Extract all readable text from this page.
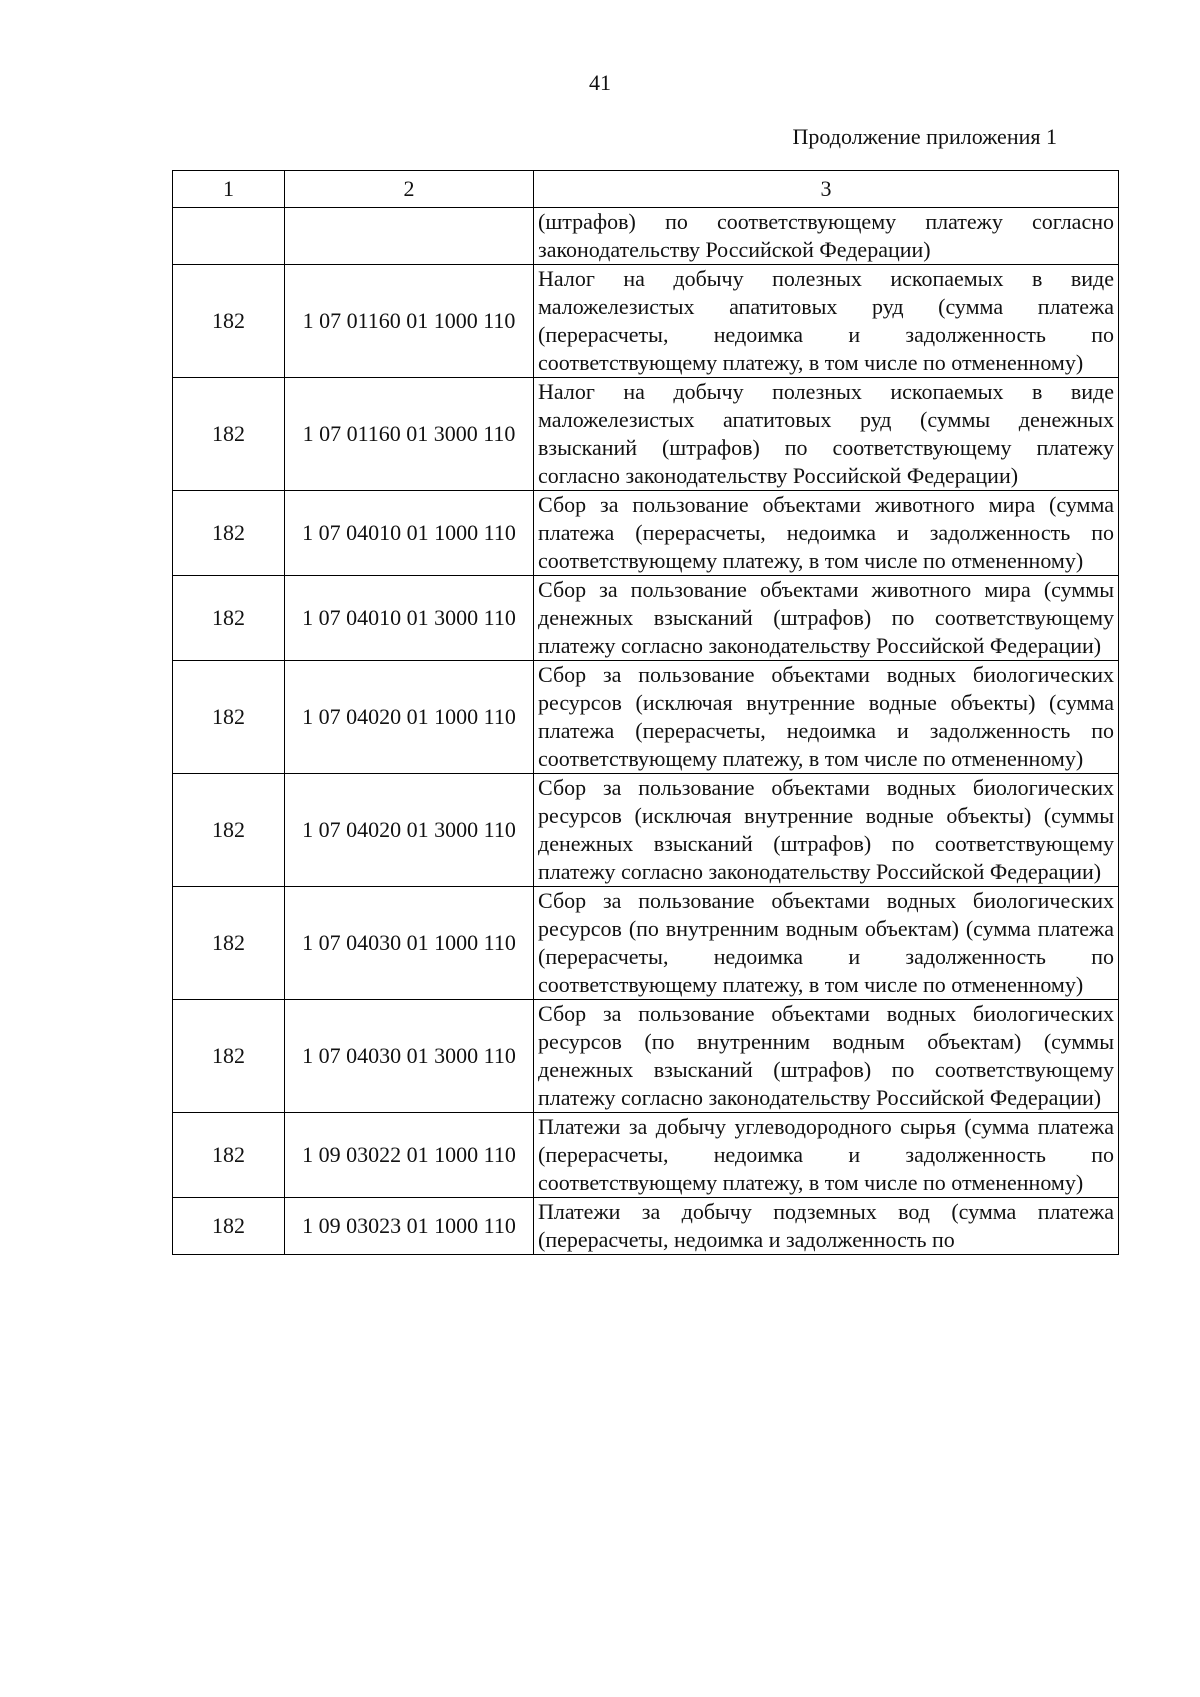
41
Продолжение приложения 1
1	2	3
		(штрафов) по соответствующему платежу согласно законодательству Российской Федерации)
182	1 07 01160 01 1000 110	Налог на добычу полезных ископаемых в виде маложелезистых апатитовых руд (сумма платежа (перерасчеты, недоимка и задолженность по соответствующему платежу, в том числе по отмененному)
182	1 07 01160 01 3000 110	Налог на добычу полезных ископаемых в виде маложелезистых апатитовых руд (суммы денежных взысканий (штрафов) по соответствующему платежу согласно законодательству Российской Федерации)
182	1 07 04010 01 1000 110	Сбор за пользование объектами животного мира (сумма платежа (перерасчеты, недоимка и задолженность по соответствующему платежу, в том числе по отмененному)
182	1 07 04010 01 3000 110	Сбор за пользование объектами животного мира (суммы денежных взысканий (штрафов) по соответствующему платежу согласно законодательству Российской Федерации)
182	1 07 04020 01 1000 110	Сбор за пользование объектами водных биологических ресурсов (исключая внутренние водные объекты) (сумма платежа (перерасчеты, недоимка и задолженность по соответствующему платежу, в том числе по отмененному)
182	1 07 04020 01 3000 110	Сбор за пользование объектами водных биологических ресурсов (исключая внутренние водные объекты) (суммы денежных взысканий (штрафов) по соответствующему платежу согласно законодательству Российской Федерации)
182	1 07 04030 01 1000 110	Сбор за пользование объектами водных биологических ресурсов (по внутренним водным объектам) (сумма платежа (перерасчеты, недоимка и задолженность по соответствующему платежу, в том числе по отмененному)
182	1 07 04030 01 3000 110	Сбор за пользование объектами водных биологических ресурсов (по внутренним водным объектам) (суммы денежных взысканий (штрафов) по соответствующему платежу согласно законодательству Российской Федерации)
182	1 09 03022 01 1000 110	Платежи за добычу углеводородного сырья (сумма платежа (перерасчеты, недоимка и задолженность по соответствующему платежу, в том числе по отмененному)
182	1 09 03023 01 1000 110	Платежи за добычу подземных вод (сумма платежа (перерасчеты, недоимка и задолженность по
